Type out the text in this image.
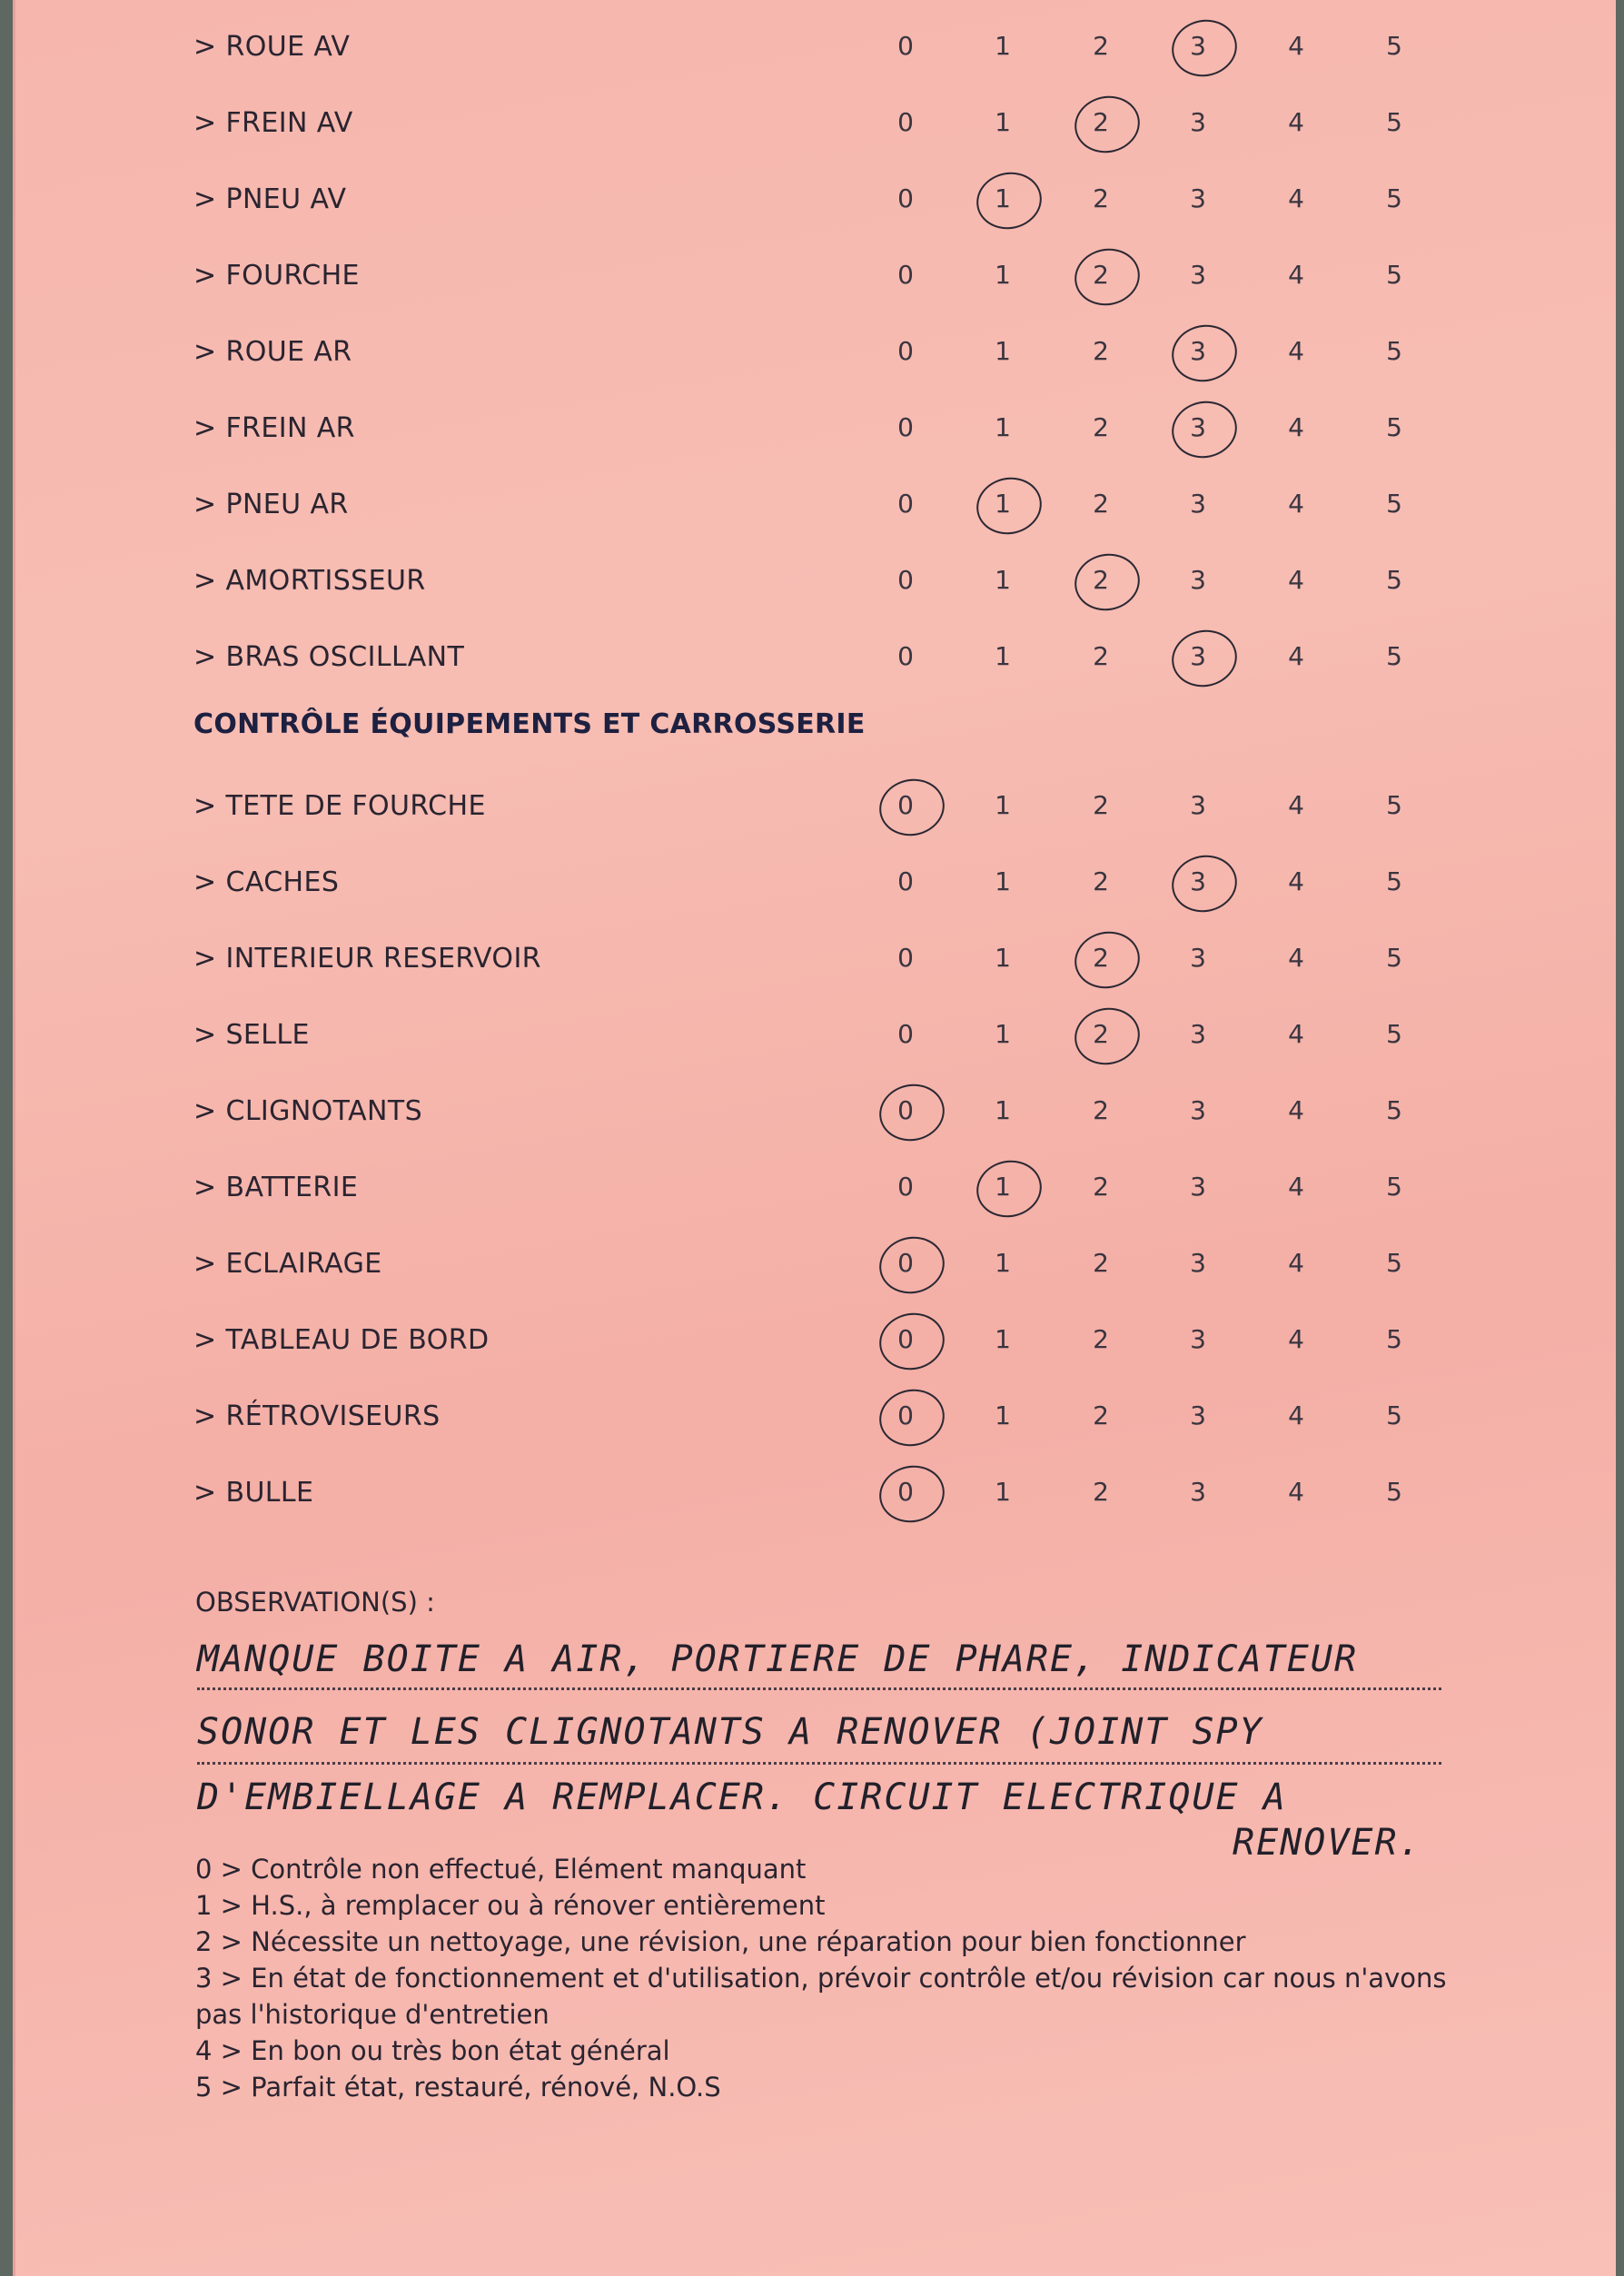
> ROUE AV	0	1	2	3	4	5
> FREIN AV	0	1	2	3	4	5
> PNEU AV	0	1	2	3	4	5
> FOURCHE	0	1	2	3	4	5
> ROUE AR	0	1	2	3	4	5
> FREIN AR	0	1	2	3	4	5
> PNEU AR	0	1	2	3	4	5
> AMORTISSEUR	0	1	2	3	4	5
> BRAS OSCILLANT	0	1	2	3	4	5
CONTRÔLE ÉQUIPEMENTS ET CARROSSERIE
> TETE DE FOURCHE	0	1	2	3	4	5
> CACHES	0	1	2	3	4	5
> INTERIEUR RESERVOIR	0	1	2	3	4	5
> SELLE	0	1	2	3	4	5
> CLIGNOTANTS	0	1	2	3	4	5
> BATTERIE	0	1	2	3	4	5
> ECLAIRAGE	0	1	2	3	4	5
> TABLEAU DE BORD	0	1	2	3	4	5
> RÉTROVISEURS	0	1	2	3	4	5
> BULLE	0	1	2	3	4	5
OBSERVATION(S) :
MANQUE BOITE A AIR, PORTIERE DE PHARE, INDICATEUR
SONOR ET LES CLIGNOTANTS A RENOVER (JOINT SPY
D'EMBIELLAGE A REMPLACER. CIRCUIT ELECTRIQUE A
RENOVER.
0 > Contrôle non effectué, Elément manquant
1 > H.S., à remplacer ou à rénover entièrement
2 > Nécessite un nettoyage, une révision, une réparation pour bien fonctionner
3 > En état de fonctionnement et d'utilisation, prévoir contrôle et/ou révision car nous n'avons pas l'historique d'entretien
4 > En bon ou très bon état général
5 > Parfait état, restauré, rénové, N.O.S
